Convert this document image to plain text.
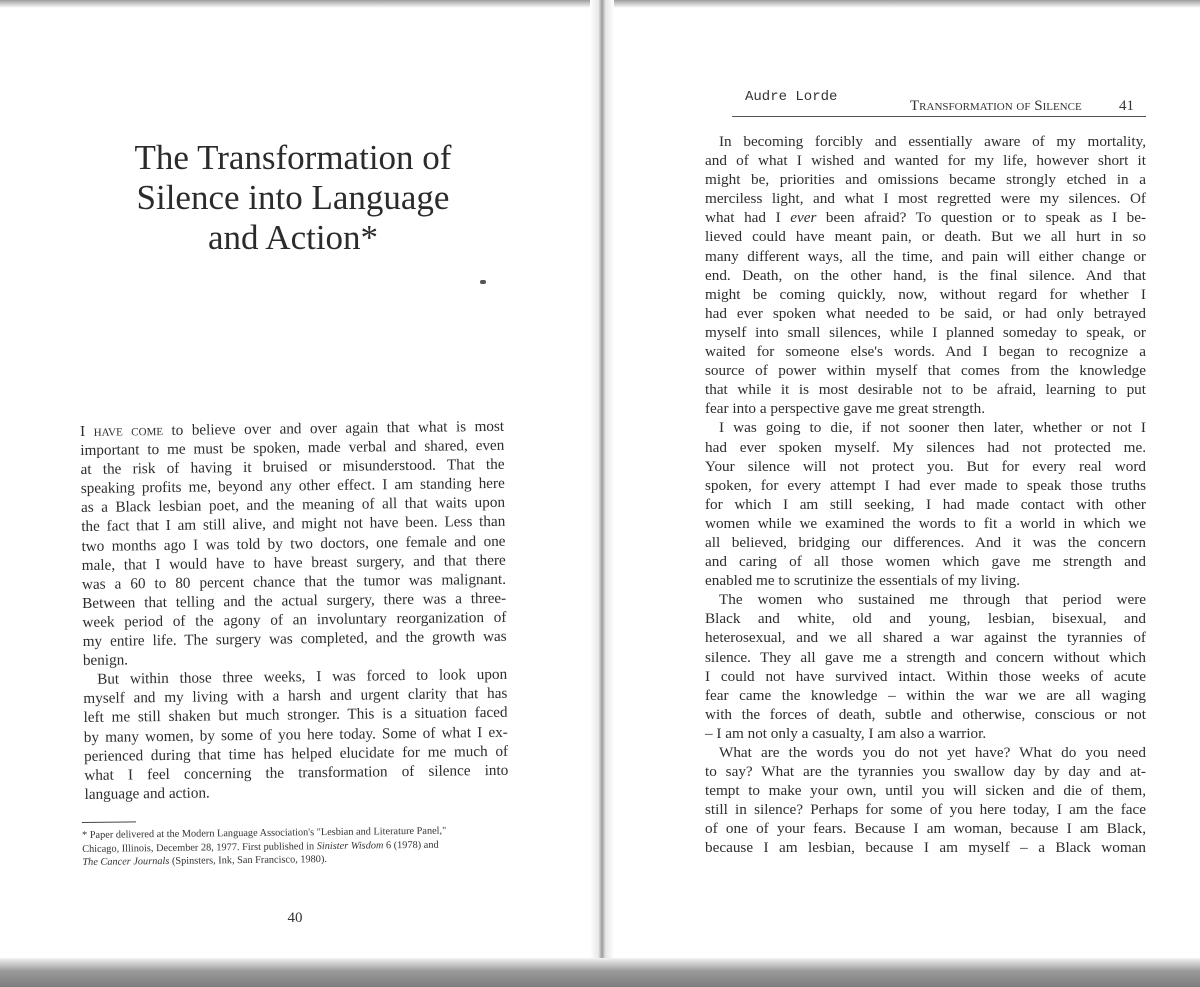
The Transformation of
Silence into Language
and Action*
I have come to believe over and over again that what is most
important to me must be spoken, made verbal and shared, even
at the risk of having it bruised or misunderstood. That the
speaking profits me, beyond any other effect. I am standing here
as a Black lesbian poet, and the meaning of all that waits upon
the fact that I am still alive, and might not have been. Less than
two months ago I was told by two doctors, one female and one
male, that I would have to have breast surgery, and that there
was a 60 to 80 percent chance that the tumor was malignant.
Between that telling and the actual surgery, there was a three-
week period of the agony of an involuntary reorganization of
my entire life. The surgery was completed, and the growth was
benign.
But within those three weeks, I was forced to look upon
myself and my living with a harsh and urgent clarity that has
left me still shaken but much stronger. This is a situation faced
by many women, by some of you here today. Some of what I ex-
perienced during that time has helped elucidate for me much of
what I feel concerning the transformation of silence into
language and action.
* Paper delivered at the Modern Language Association's "Lesbian and Literature Panel,"
Chicago, Illinois, December 28, 1977. First published in Sinister Wisdom 6 (1978) and
The Cancer Journals (Spinsters, Ink, San Francisco, 1980).
40
Audre Lorde
Transformation of Silence 41
In becoming forcibly and essentially aware of my mortality,
and of what I wished and wanted for my life, however short it
might be, priorities and omissions became strongly etched in a
merciless light, and what I most regretted were my silences. Of
what had I ever been afraid? To question or to speak as I be-
lieved could have meant pain, or death. But we all hurt in so
many different ways, all the time, and pain will either change or
end. Death, on the other hand, is the final silence. And that
might be coming quickly, now, without regard for whether I
had ever spoken what needed to be said, or had only betrayed
myself into small silences, while I planned someday to speak, or
waited for someone else's words. And I began to recognize a
source of power within myself that comes from the knowledge
that while it is most desirable not to be afraid, learning to put
fear into a perspective gave me great strength.
I was going to die, if not sooner then later, whether or not I
had ever spoken myself. My silences had not protected me.
Your silence will not protect you. But for every real word
spoken, for every attempt I had ever made to speak those truths
for which I am still seeking, I had made contact with other
women while we examined the words to fit a world in which we
all believed, bridging our differences. And it was the concern
and caring of all those women which gave me strength and
enabled me to scrutinize the essentials of my living.
The women who sustained me through that period were
Black and white, old and young, lesbian, bisexual, and
heterosexual, and we all shared a war against the tyrannies of
silence. They all gave me a strength and concern without which
I could not have survived intact. Within those weeks of acute
fear came the knowledge – within the war we are all waging
with the forces of death, subtle and otherwise, conscious or not
– I am not only a casualty, I am also a warrior.
What are the words you do not yet have? What do you need
to say? What are the tyrannies you swallow day by day and at-
tempt to make your own, until you will sicken and die of them,
still in silence? Perhaps for some of you here today, I am the face
of one of your fears. Because I am woman, because I am Black,
because I am lesbian, because I am myself – a Black woman
